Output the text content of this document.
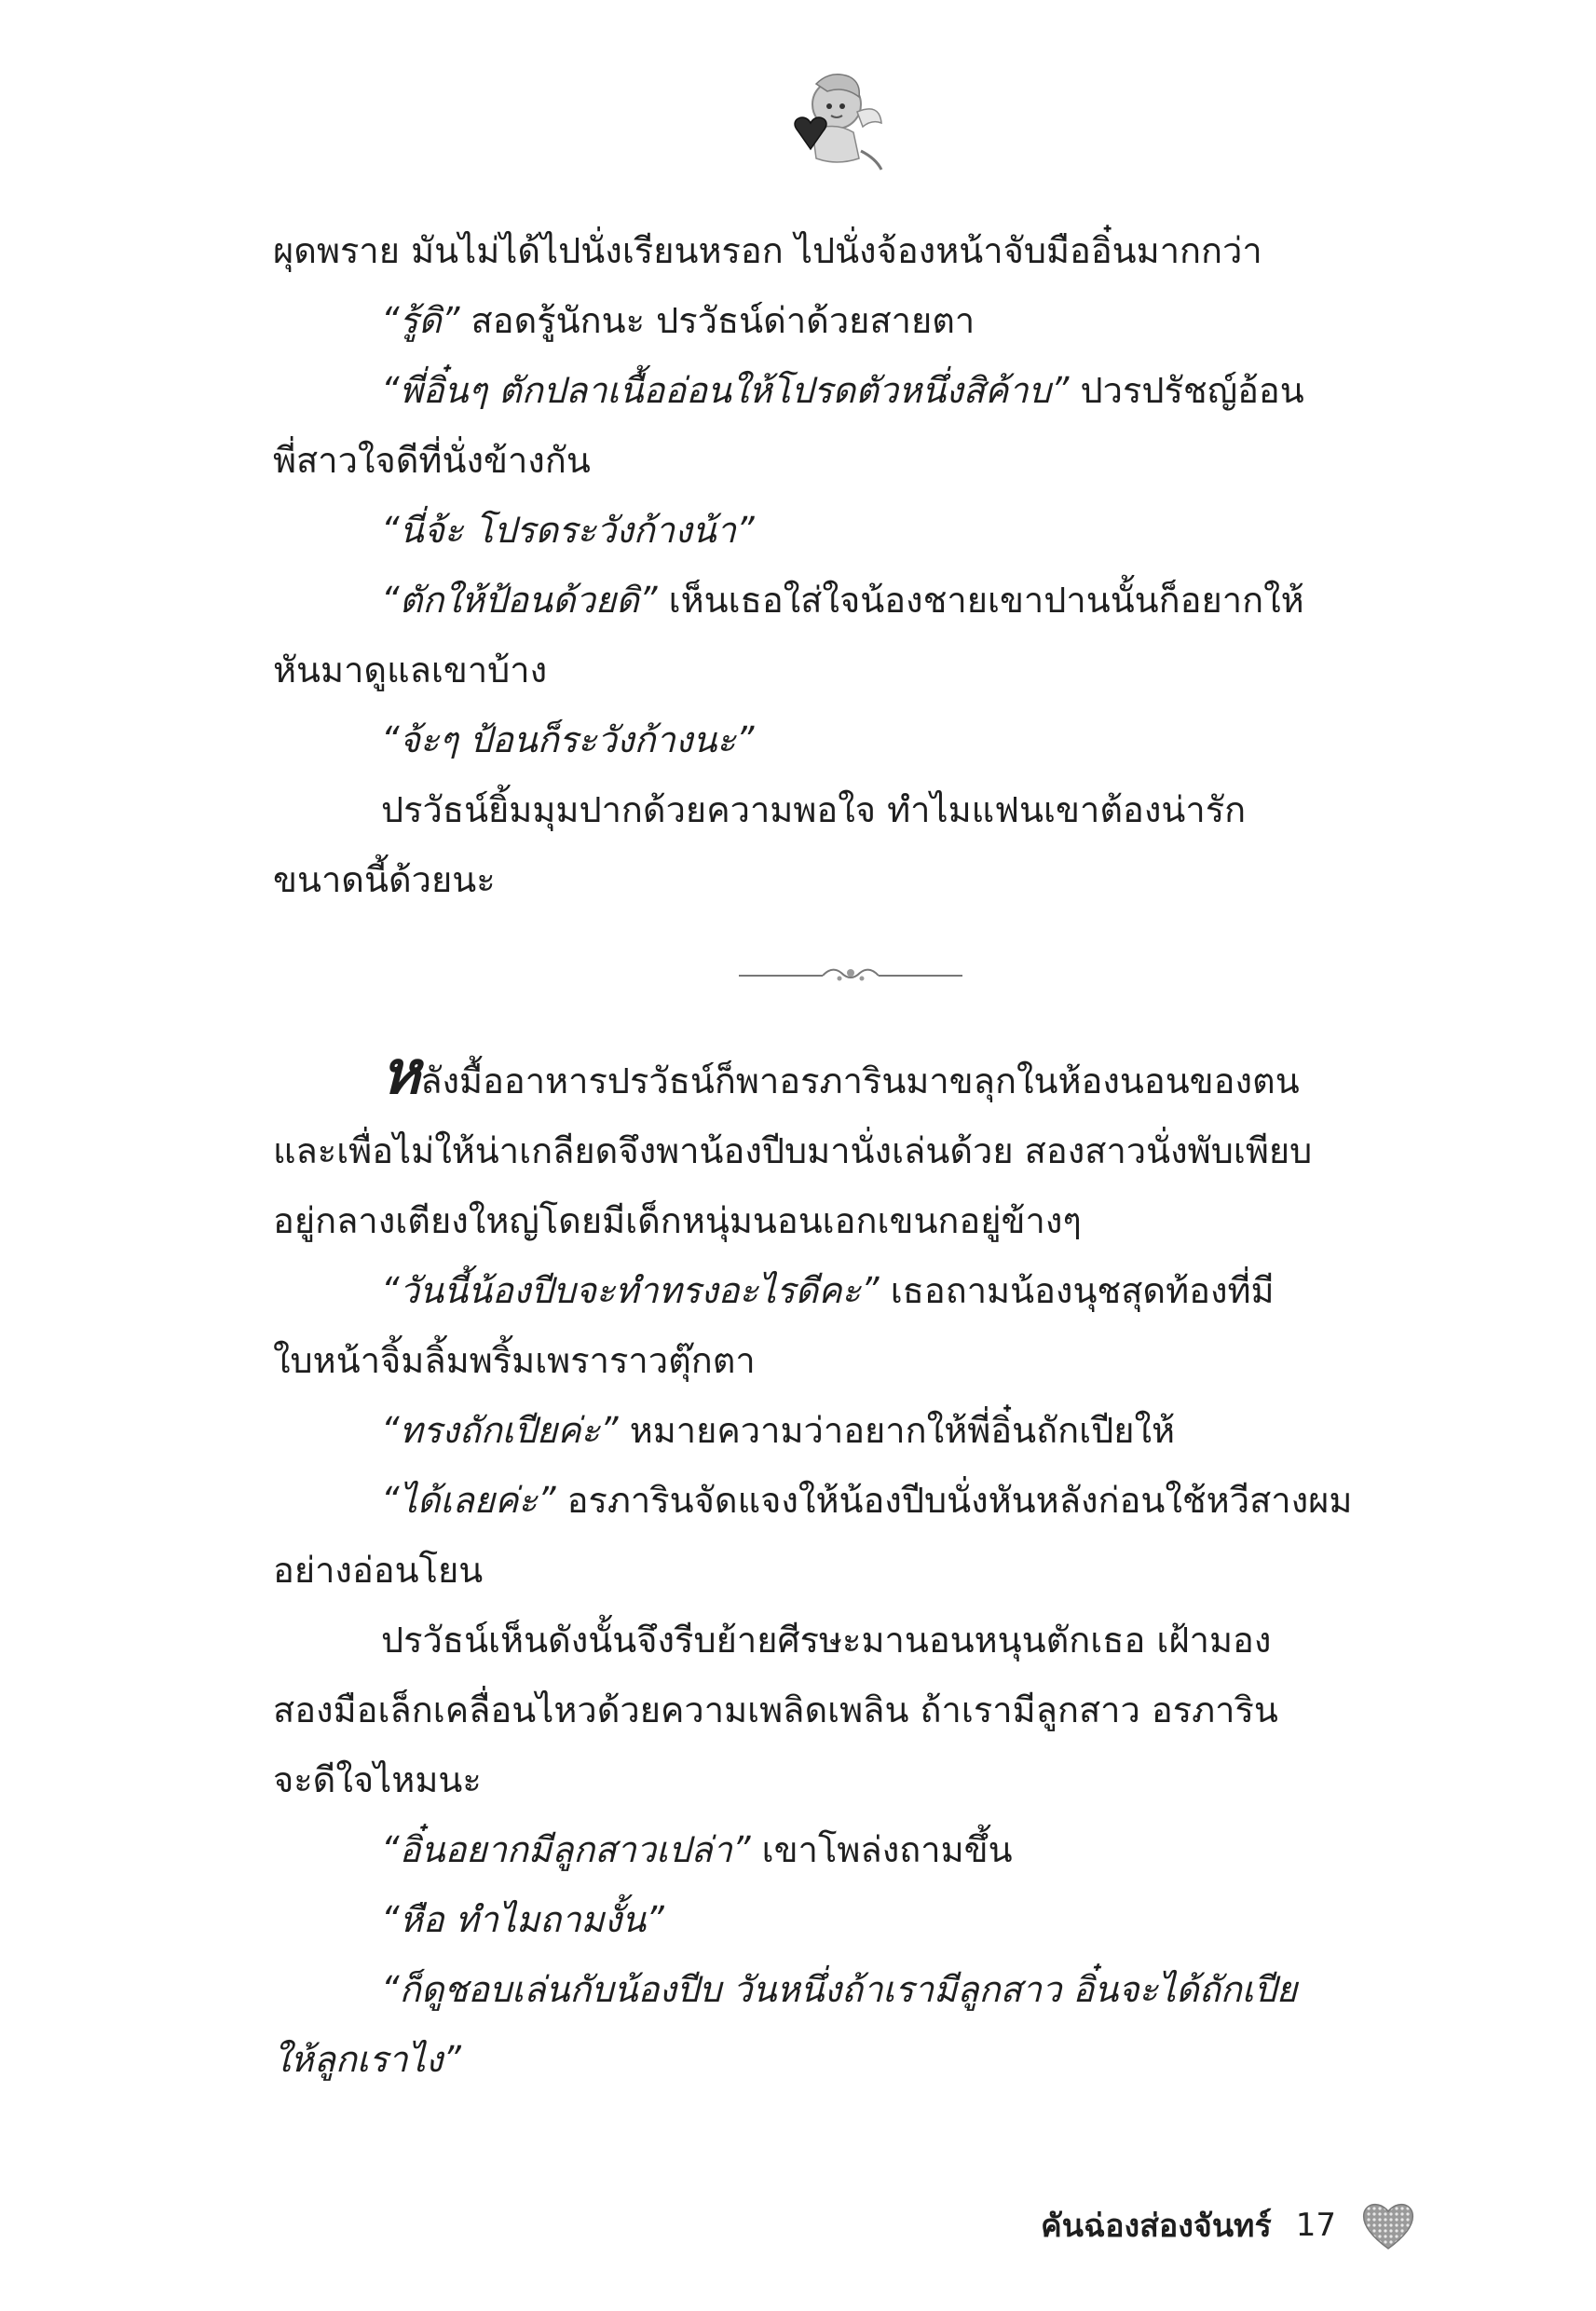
ผุดพราย มันไม่ได้ไปนั่งเรียนหรอก ไปนั่งจ้องหน้าจับมืออิ๋นมากกว่า

“รู้ดิ” สอดรู้นักนะ ปรวัธน์ด่าด้วยสายตา

“พี่อิ๋นๆ ตักปลาเนื้ออ่อนให้โปรดตัวหนึ่งสิค้าบ” ปวรปรัชญ์อ้อน

พี่สาวใจดีที่นั่งข้างกัน

“นี่จ้ะ โปรดระวังก้างน้า”

“ตักให้ป้อนด้วยดิ” เห็นเธอใส่ใจน้องชายเขาปานนั้นก็อยากให้

หันมาดูแลเขาบ้าง

“จ้ะๆ ป้อนก็ระวังก้างนะ”

ปรวัธน์ยิ้มมุมปากด้วยความพอใจ ทำไมแฟนเขาต้องน่ารัก

ขนาดนี้ด้วยนะ

หลังมื้ออาหารปรวัธน์ก็พาอรภารินมาขลุกในห้องนอนของตน

และเพื่อไม่ให้น่าเกลียดจึงพาน้องปีบมานั่งเล่นด้วย สองสาวนั่งพับเพียบ

อยู่กลางเตียงใหญ่โดยมีเด็กหนุ่มนอนเอกเขนกอยู่ข้างๆ

“วันนี้น้องปีบจะทำทรงอะไรดีคะ” เธอถามน้องนุชสุดท้องที่มี

ใบหน้าจิ้มลิ้มพริ้มเพราราวตุ๊กตา

“ทรงถักเปียค่ะ” หมายความว่าอยากให้พี่อิ๋นถักเปียให้

“ได้เลยค่ะ” อรภารินจัดแจงให้น้องปีบนั่งหันหลังก่อนใช้หวีสางผม

อย่างอ่อนโยน

ปรวัธน์เห็นดังนั้นจึงรีบย้ายศีรษะมานอนหนุนตักเธอ เฝ้ามอง

สองมือเล็กเคลื่อนไหวด้วยความเพลิดเพลิน ถ้าเรามีลูกสาว อรภาริน

จะดีใจไหมนะ

“อิ๋นอยากมีลูกสาวเปล่า” เขาโพล่งถามขึ้น

“หือ ทำไมถามงั้น”

“ก็ดูชอบเล่นกับน้องปีบ วันหนึ่งถ้าเรามีลูกสาว อิ๋นจะได้ถักเปีย

ให้ลูกเราไง”

คันฉ่องส่องจันทร์ 17
